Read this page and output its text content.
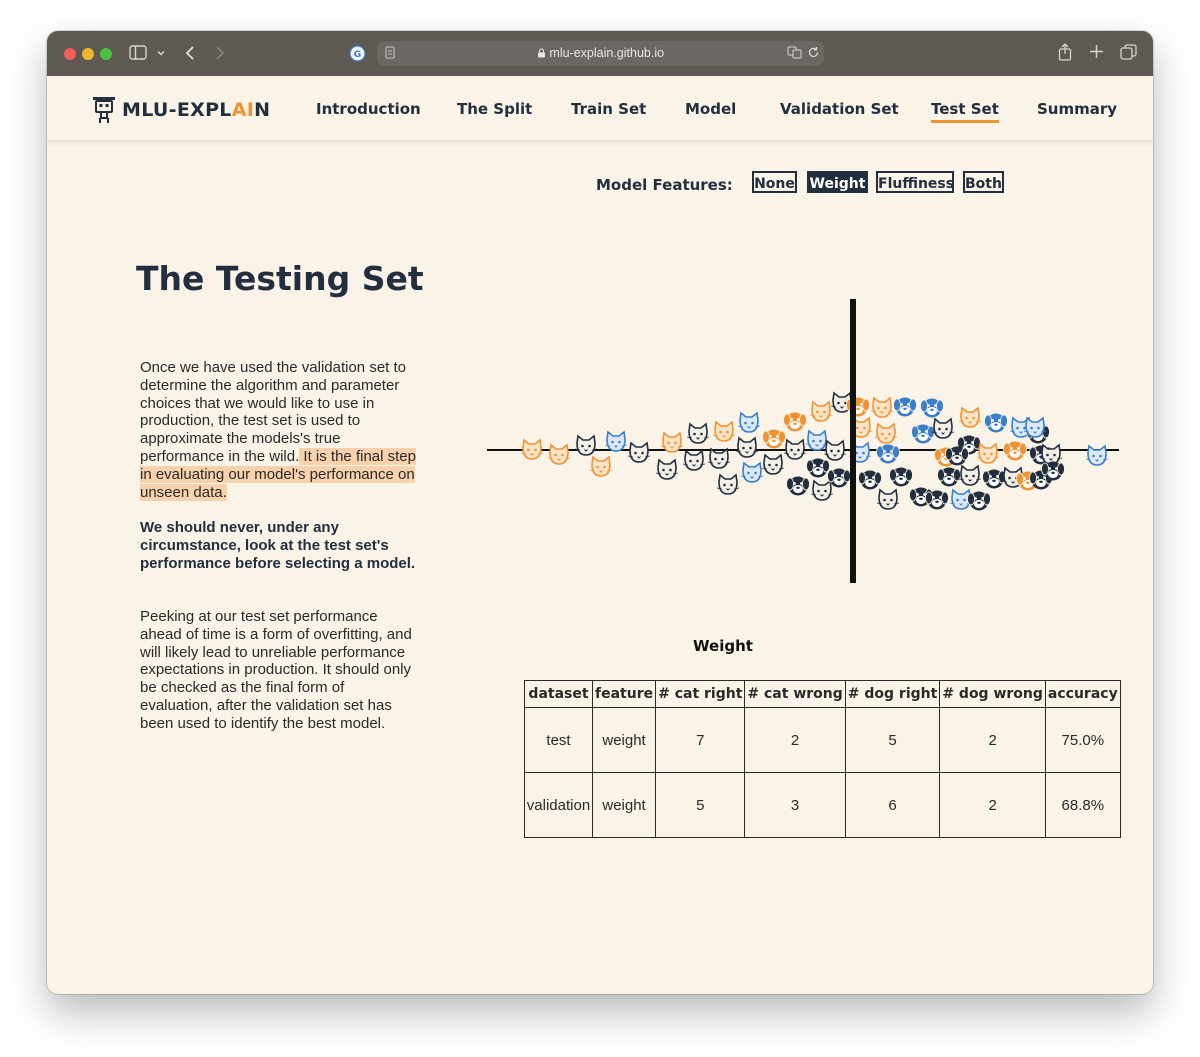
G	mlu-explain.github.io
MLU-EXPLAIN	Introduction The Split	Train Set	Model	Validation Set Test Set	Summary
Model Features: None Weight Fluffiness Both
The Testing Set
Once we have used the validation set to determine the algorithm and parameter choices that we would like to use in production, the test set is used to approximate the models's true performance in the wild. It is the final step in evaluating our model's performance on unseen data.
We should never, under any circumstance, look at the test set's performance before selecting a model.
Peeking at our test set performance ahead of time is a form of overfitting, and will likely lead to unreliable performance expectations in production. It should only be checked as the final form of evaluation, after the validation set has been used to identify the best model.
Weight
dataset	feature	# cat right	# cat wrong	# dog right	# dog wrong	accuracy
test	weight	7	2	5	2	75.0%
validation	weight	5	3	6	2	68.8%
